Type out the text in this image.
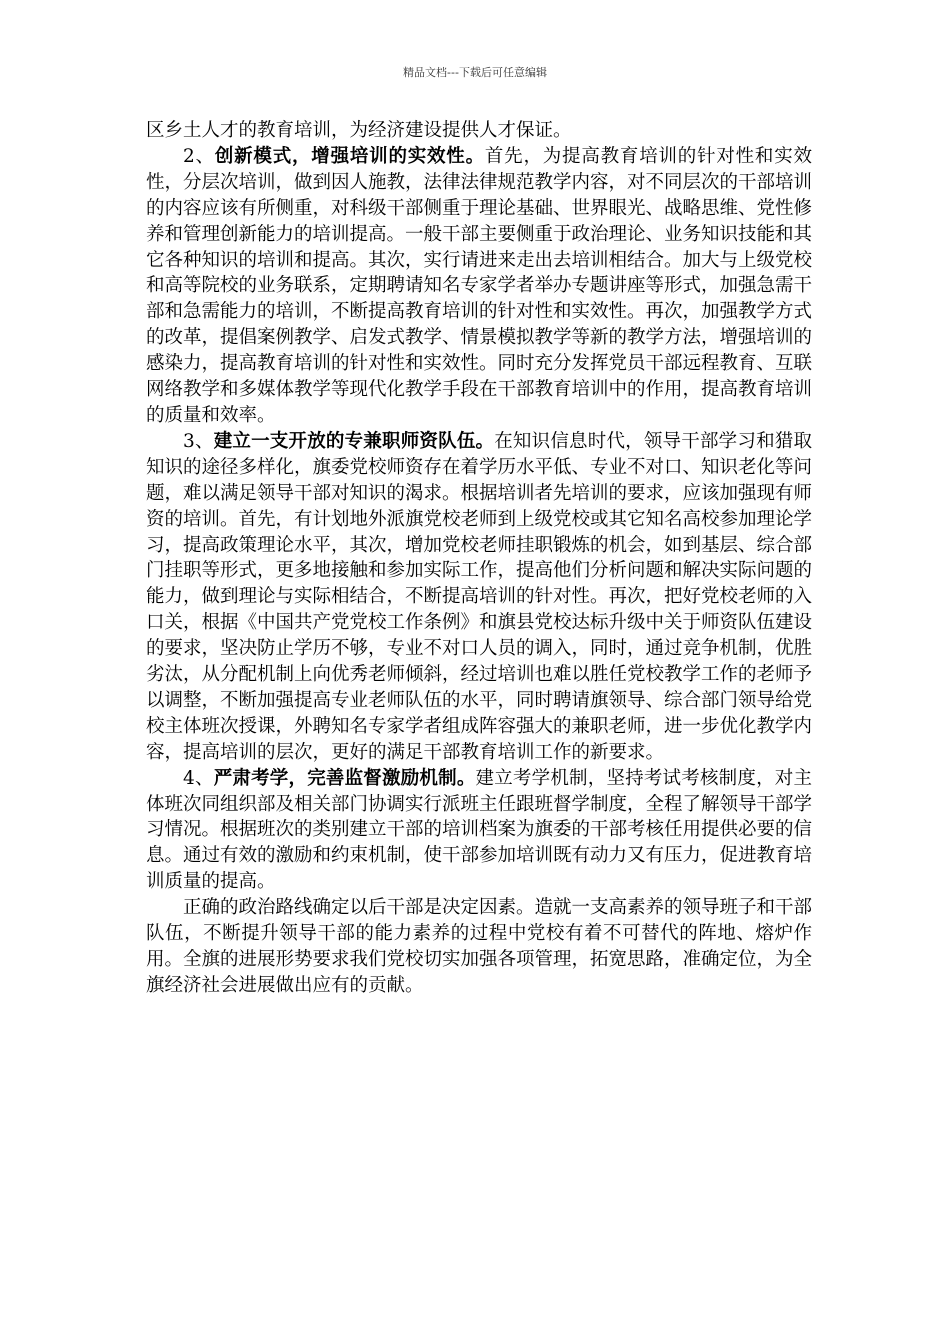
精品文档---下载后可任意编辑

区乡土人才的教育培训，为经济建设提供人才保证。

2、创新模式，增强培训的实效性。首先，为提高教育培训的针对性和实效性，分层次培训，做到因人施教，法律法律规范教学内容，对不同层次的干部培训的内容应该有所侧重，对科级干部侧重于理论基础、世界眼光、战略思维、党性修养和管理创新能力的培训提高。一般干部主要侧重于政治理论、业务知识技能和其它各种知识的培训和提高。其次，实行请进来走出去培训相结合。加大与上级党校和高等院校的业务联系，定期聘请知名专家学者举办专题讲座等形式，加强急需干部和急需能力的培训，不断提高教育培训的针对性和实效性。再次，加强教学方式的改革，提倡案例教学、启发式教学、情景模拟教学等新的教学方法，增强培训的感染力，提高教育培训的针对性和实效性。同时充分发挥党员干部远程教育、互联网络教学和多媒体教学等现代化教学手段在干部教育培训中的作用，提高教育培训的质量和效率。

3、建立一支开放的专兼职师资队伍。在知识信息时代，领导干部学习和猎取知识的途径多样化，旗委党校师资存在着学历水平低、专业不对口、知识老化等问题，难以满足领导干部对知识的渴求。根据培训者先培训的要求，应该加强现有师资的培训。首先，有计划地外派旗党校老师到上级党校或其它知名高校参加理论学习，提高政策理论水平，其次，增加党校老师挂职锻炼的机会，如到基层、综合部门挂职等形式，更多地接触和参加实际工作，提高他们分析问题和解决实际问题的能力，做到理论与实际相结合，不断提高培训的针对性。再次，把好党校老师的入口关，根据《中国共产党党校工作条例》和旗县党校达标升级中关于师资队伍建设的要求，坚决防止学历不够，专业不对口人员的调入，同时，通过竞争机制，优胜劣汰，从分配机制上向优秀老师倾斜，经过培训也难以胜任党校教学工作的老师予以调整，不断加强提高专业老师队伍的水平，同时聘请旗领导、综合部门领导给党校主体班次授课，外聘知名专家学者组成阵容强大的兼职老师，进一步优化教学内容，提高培训的层次，更好的满足干部教育培训工作的新要求。

4、严肃考学，完善监督激励机制。建立考学机制，坚持考试考核制度，对主体班次同组织部及相关部门协调实行派班主任跟班督学制度，全程了解领导干部学习情况。根据班次的类别建立干部的培训档案为旗委的干部考核任用提供必要的信息。通过有效的激励和约束机制，使干部参加培训既有动力又有压力，促进教育培训质量的提高。

正确的政治路线确定以后干部是决定因素。造就一支高素养的领导班子和干部队伍，不断提升领导干部的能力素养的过程中党校有着不可替代的阵地、熔炉作用。全旗的进展形势要求我们党校切实加强各项管理，拓宽思路，准确定位，为全旗经济社会进展做出应有的贡献。
